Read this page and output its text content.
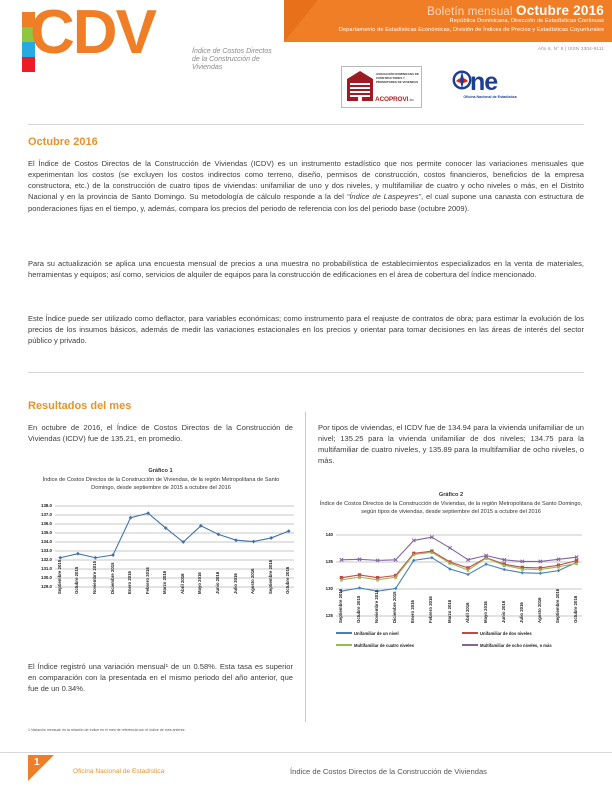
Boletín mensual Octubre 2016
República Dominicana, Dirección de Estadísticas Continuas
Departamento de Estadísticas Económicas, División de Índices de Precios y Estadísticas Coyunturales
Año 6, N° 8 | ISSN 2304-9111
CDV	Índice de Costos Directos de la Construcción de Viviendas
ASOCIACIÓN DOMINICANA DE CONSTRUCTORES Y PROMOTORES DE VIVIENDAS
ACOPROVI, Inc.
ne
Oficina Nacional de Estadística
Octubre 2016
El Índice de Costos Directos de la Construcción de Viviendas (ICDV) es un instrumento estadístico que nos permite conocer las variaciones mensuales que experimentan los costos (se excluyen los costos indirectos como terreno, diseño, permisos de construcción, costos financieros, beneficios de la empresa constructora, etc.) de la construcción de cuatro tipos de viviendas: unifamiliar de uno y dos niveles, y multifamiliar de cuatro y ocho niveles o más, en el Distrito Nacional y en la provincia de Santo Domingo. Su metodología de cálculo responde a la del “Índice de Laspeyres”, el cual supone una canasta con estructura de ponderaciones fijas en el tiempo, y, además, compara los precios del periodo de referencia con los del periodo base (octubre 2009).
Para su actualización se aplica una encuesta mensual de precios a una muestra no probabilística de establecimientos especializados en la venta de materiales, herramientas y equipos; así como, servicios de alquiler de equipos para la construcción de edificaciones en el área de cobertura del índice mencionado.
Este Índice puede ser utilizado como deflactor, para variables económicas; como instrumento para el reajuste de contratos de obra; para estimar la evolución de los precios de los insumos básicos, además de medir las variaciones estacionales en los precios y orientar para tomar decisiones en las áreas de interés del sector público y privado.
Resultados del mes
En octubre de 2016, el Índice de Costos Directos de la Construcción de Viviendas (ICDV) fue de 135.21, en promedio.
Por tipos de viviendas, el ICDV fue de 134.94 para la vivienda unifamiliar de un nivel; 135.25 para la vivienda unifamiliar de dos niveles; 134.75 para la multifamiliar de cuatro niveles, y 135.89 para la multifamiliar de ocho niveles, o más.
Gráfico 1
Índice de Costos Directos de la Construcción de Viviendas, de la región Metropolitana de Santo Domingo, desde septiembre de 2015 a octubre del 2016
138.0
137.0
136.0
135.0
134.0
133.0
132.0
131.0
130.0
129.0 Septiembre 2015	Octubre 2015	Noviembre 2015	Diciembre 2015	Enero 2016	Febrero 2016	Marzo 2016	Abril 2016	Mayo 2016	Junio 2016	Julio 2016	Agosto 2016	Septiembre 2016	Octubre 2016
El Índice registró una variación mensual¹ de un 0.58%. Esta tasa es superior en comparación con la presentada en el mismo periodo del año anterior, que fue de un 0.34%.
1 Variación mensual: es la relación de índice en el mes de referencia con el índice de mes anterior.
Gráfico 2
Índice de Costos Directos de la Construcción de Viviendas, de la región Metropolitana de Santo Domingo, según tipos de viviendas, desde septiembre del 2015 a octubre del 2016
140
135
130
125 Septiembre 2015	Octubre 2015	Noviembre 2015	Diciembre 2015	Enero 2016	Febrero 2016	Marzo 2016	Abril 2016	Mayo 2016	Junio 2016	Julio 2016	Agosto 2016	Septiembre 2016	Octubre 2016
Unifamiliar de un nivel	Unifamiliar de dos niveles
Multifamiliar de cuatro niveles	Multifamiliar de ocho niveles, o más
1
Oficina Nacional de Estadística	Índice de Costos Directos de la Construcción de Viviendas
